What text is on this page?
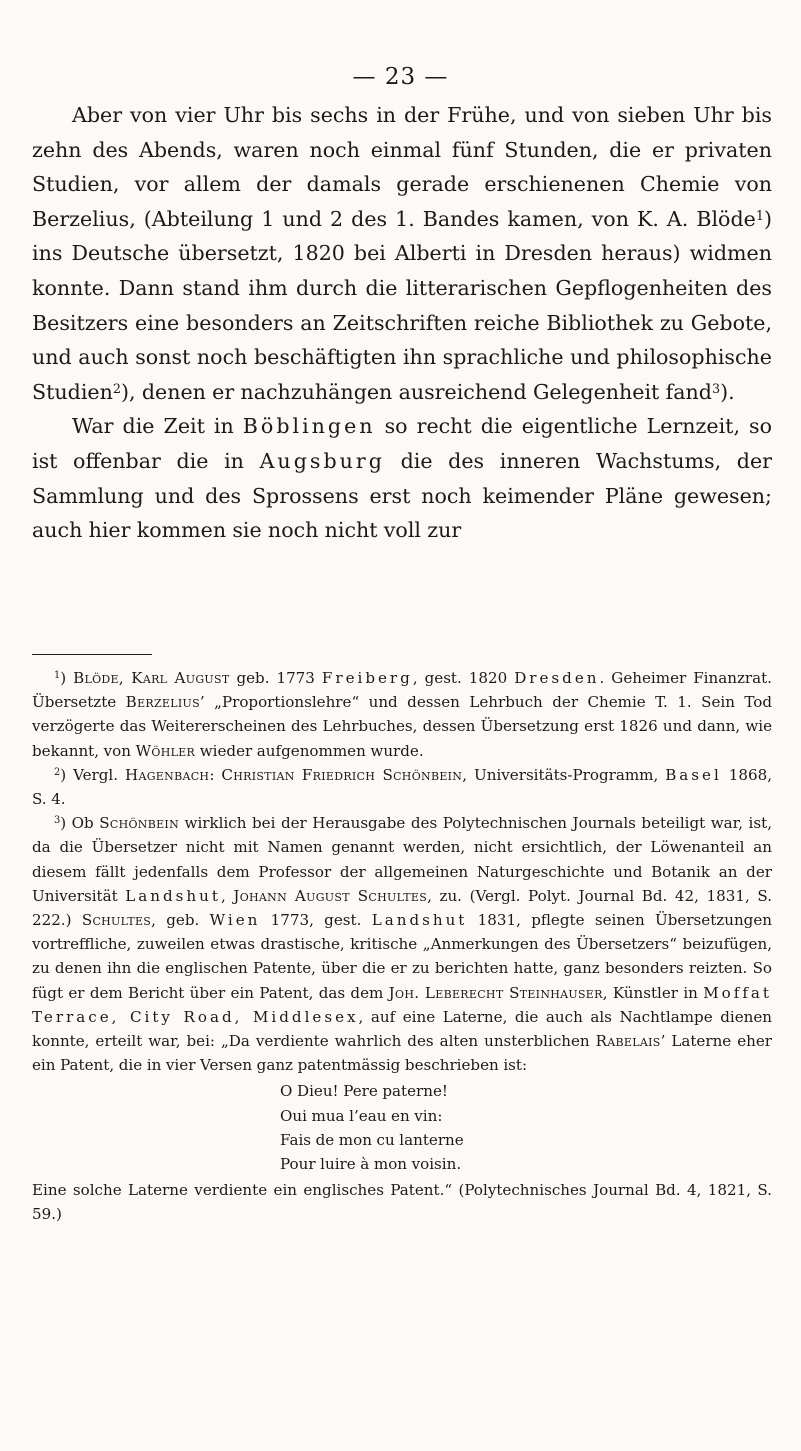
— 23 —

Aber von vier Uhr bis sechs in der Frühe, und von sieben Uhr bis zehn des Abends, waren noch einmal fünf Stunden, die er privaten Studien, vor allem der damals gerade erschienenen Chemie von Berzelius, (Abteilung 1 und 2 des 1. Bandes kamen, von K. A. Blöde$^1$) ins Deutsche übersetzt, 1820 bei Alberti in Dresden heraus) widmen konnte. Dann stand ihm durch die litterarischen Gepflogenheiten des Besitzers eine besonders an Zeitschriften reiche Bibliothek zu Gebote, und auch sonst noch beschäftigten ihn sprachliche und philosophische Studien$^2$), denen er nachzuhängen ausreichend Gelegenheit fand$^3$).

War die Zeit in Böblingen so recht die eigentliche Lernzeit, so ist offenbar die in Augsburg die des inneren Wachstums, der Sammlung und des Sprossens erst noch keimender Pläne gewesen; auch hier kommen sie noch nicht voll zur

$^1$) Blöde, Karl August geb. 1773 Freiberg, gest. 1820 Dresden. Geheimer Finanzrat. Übersetzte Berzelius’ „Proportionslehre“ und dessen Lehrbuch der Chemie T. 1. Sein Tod verzögerte das Weitererscheinen des Lehrbuches, dessen Übersetzung erst 1826 und dann, wie bekannt, von Wöhler wieder aufgenommen wurde.

$^2$) Vergl. Hagenbach: Christian Friedrich Schönbein, Universitäts-Programm, Basel 1868, S. 4.

$^3$) Ob Schönbein wirklich bei der Herausgabe des Polytechnischen Journals beteiligt war, ist, da die Übersetzer nicht mit Namen genannt werden, nicht ersichtlich, der Löwenanteil an diesem fällt jedenfalls dem Professor der allgemeinen Naturgeschichte und Botanik an der Universität Landshut, Johann August Schultes, zu. (Vergl. Polyt. Journal Bd. 42, 1831, S. 222.) Schultes, geb. Wien 1773, gest. Landshut 1831, pflegte seinen Übersetzungen vortreffliche, zuweilen etwas drastische, kritische „Anmerkungen des Übersetzers“ beizufügen, zu denen ihn die englischen Patente, über die er zu berichten hatte, ganz besonders reizten. So fügt er dem Bericht über ein Patent, das dem Joh. Leberecht Steinhauser, Künstler in Moffat Terrace, City Road, Middlesex, auf eine Laterne, die auch als Nachtlampe dienen konnte, erteilt war, bei: „Da verdiente wahrlich des alten unsterblichen Rabelais’ Laterne eher ein Patent, die in vier Versen ganz patentmässig beschrieben ist:

O Dieu! Pere paterne!
Oui mua l’eau en vin:
Fais de mon cu lanterne
Pour luire à mon voisin.

Eine solche Laterne verdiente ein englisches Patent.“ (Polytechnisches Journal Bd. 4, 1821, S. 59.)
